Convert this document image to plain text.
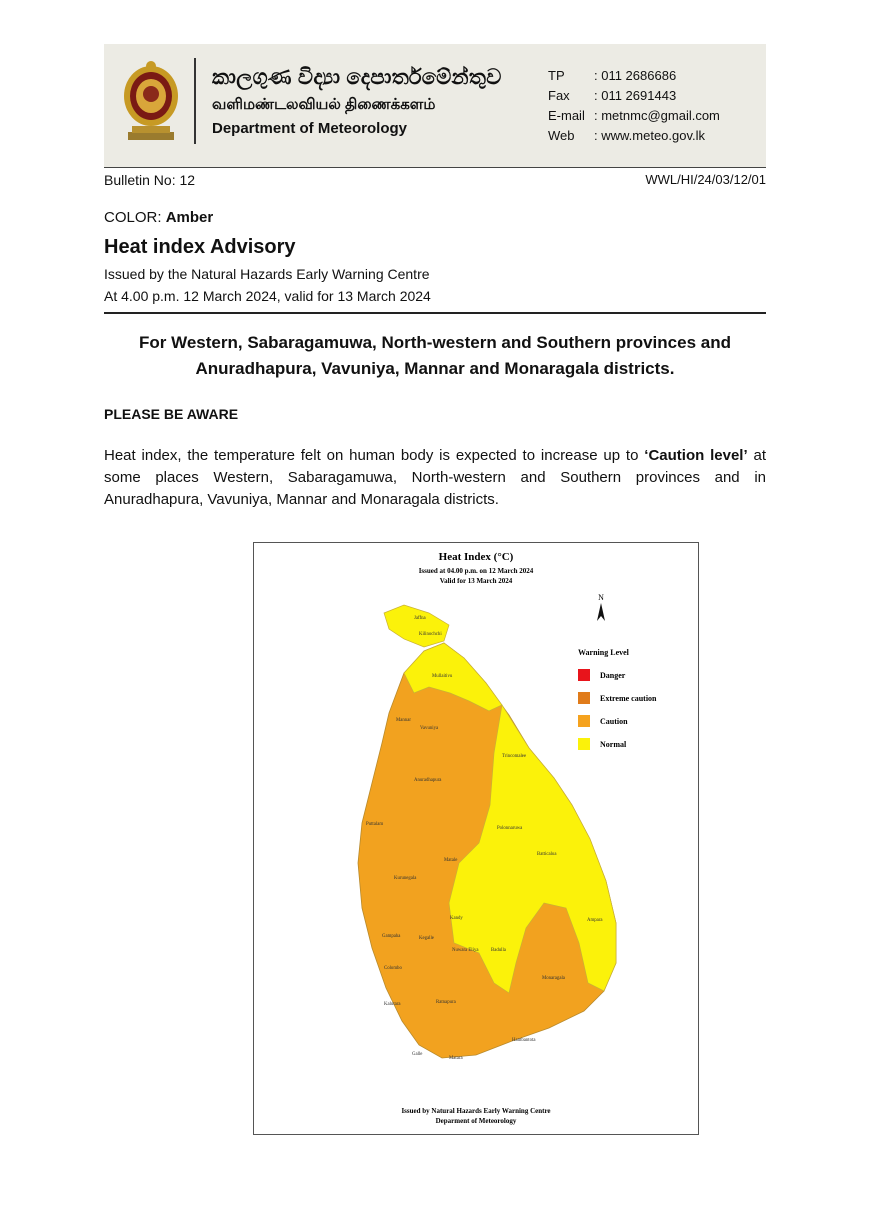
කාලගුණ විද්‍යා දෙපාර්තමේන්තුව
வளிமண்டலவியல் திணைக்களம்
Department of Meteorology
TP	: 011 2686686
Fax	: 011 2691443
E-mail : metnmc@gmail.com
Web	: www.meteo.gov.lk
Bulletin No: 12	WWL/HI/24/03/12/01
COLOR: Amber
Heat index Advisory
Issued by the Natural Hazards Early Warning Centre
At 4.00 p.m. 12 March 2024, valid for 13 March 2024
For Western, Sabaragamuwa, North-western and Southern provinces and
Anuradhapura, Vavuniya, Mannar and Monaragala districts.
PLEASE BE AWARE
Heat index, the temperature felt on human body is expected to increase up to ‘Caution level’ at some places Western, Sabaragamuwa, North-western and Southern provinces and in Anuradhapura, Vavuniya, Mannar and Monaragala districts.
Heat Index (°C)
Issued at 04.00 p.m. on 12 March 2024
Valid for 13 March 2024
N
Warning Level
Danger
Extreme caution
Caution
Normal
Jaffna
Kilinochchi
Mullaitivu
Mannar
Vavuniya
Trincomalee
Anuradhapura
Polonnaruwa
Puttalam
Batticaloa
Matale
Kurunegala
Ampara
Kandy
Gampaha	Kegalle
Nuwara Eliya	Badulla
Colombo
Monaragala
Kalutara	Ratnapura
Hambantota
Galle
Matara
Issued by Natural Hazards Early Warning Centre
Deparment of Meteorology
